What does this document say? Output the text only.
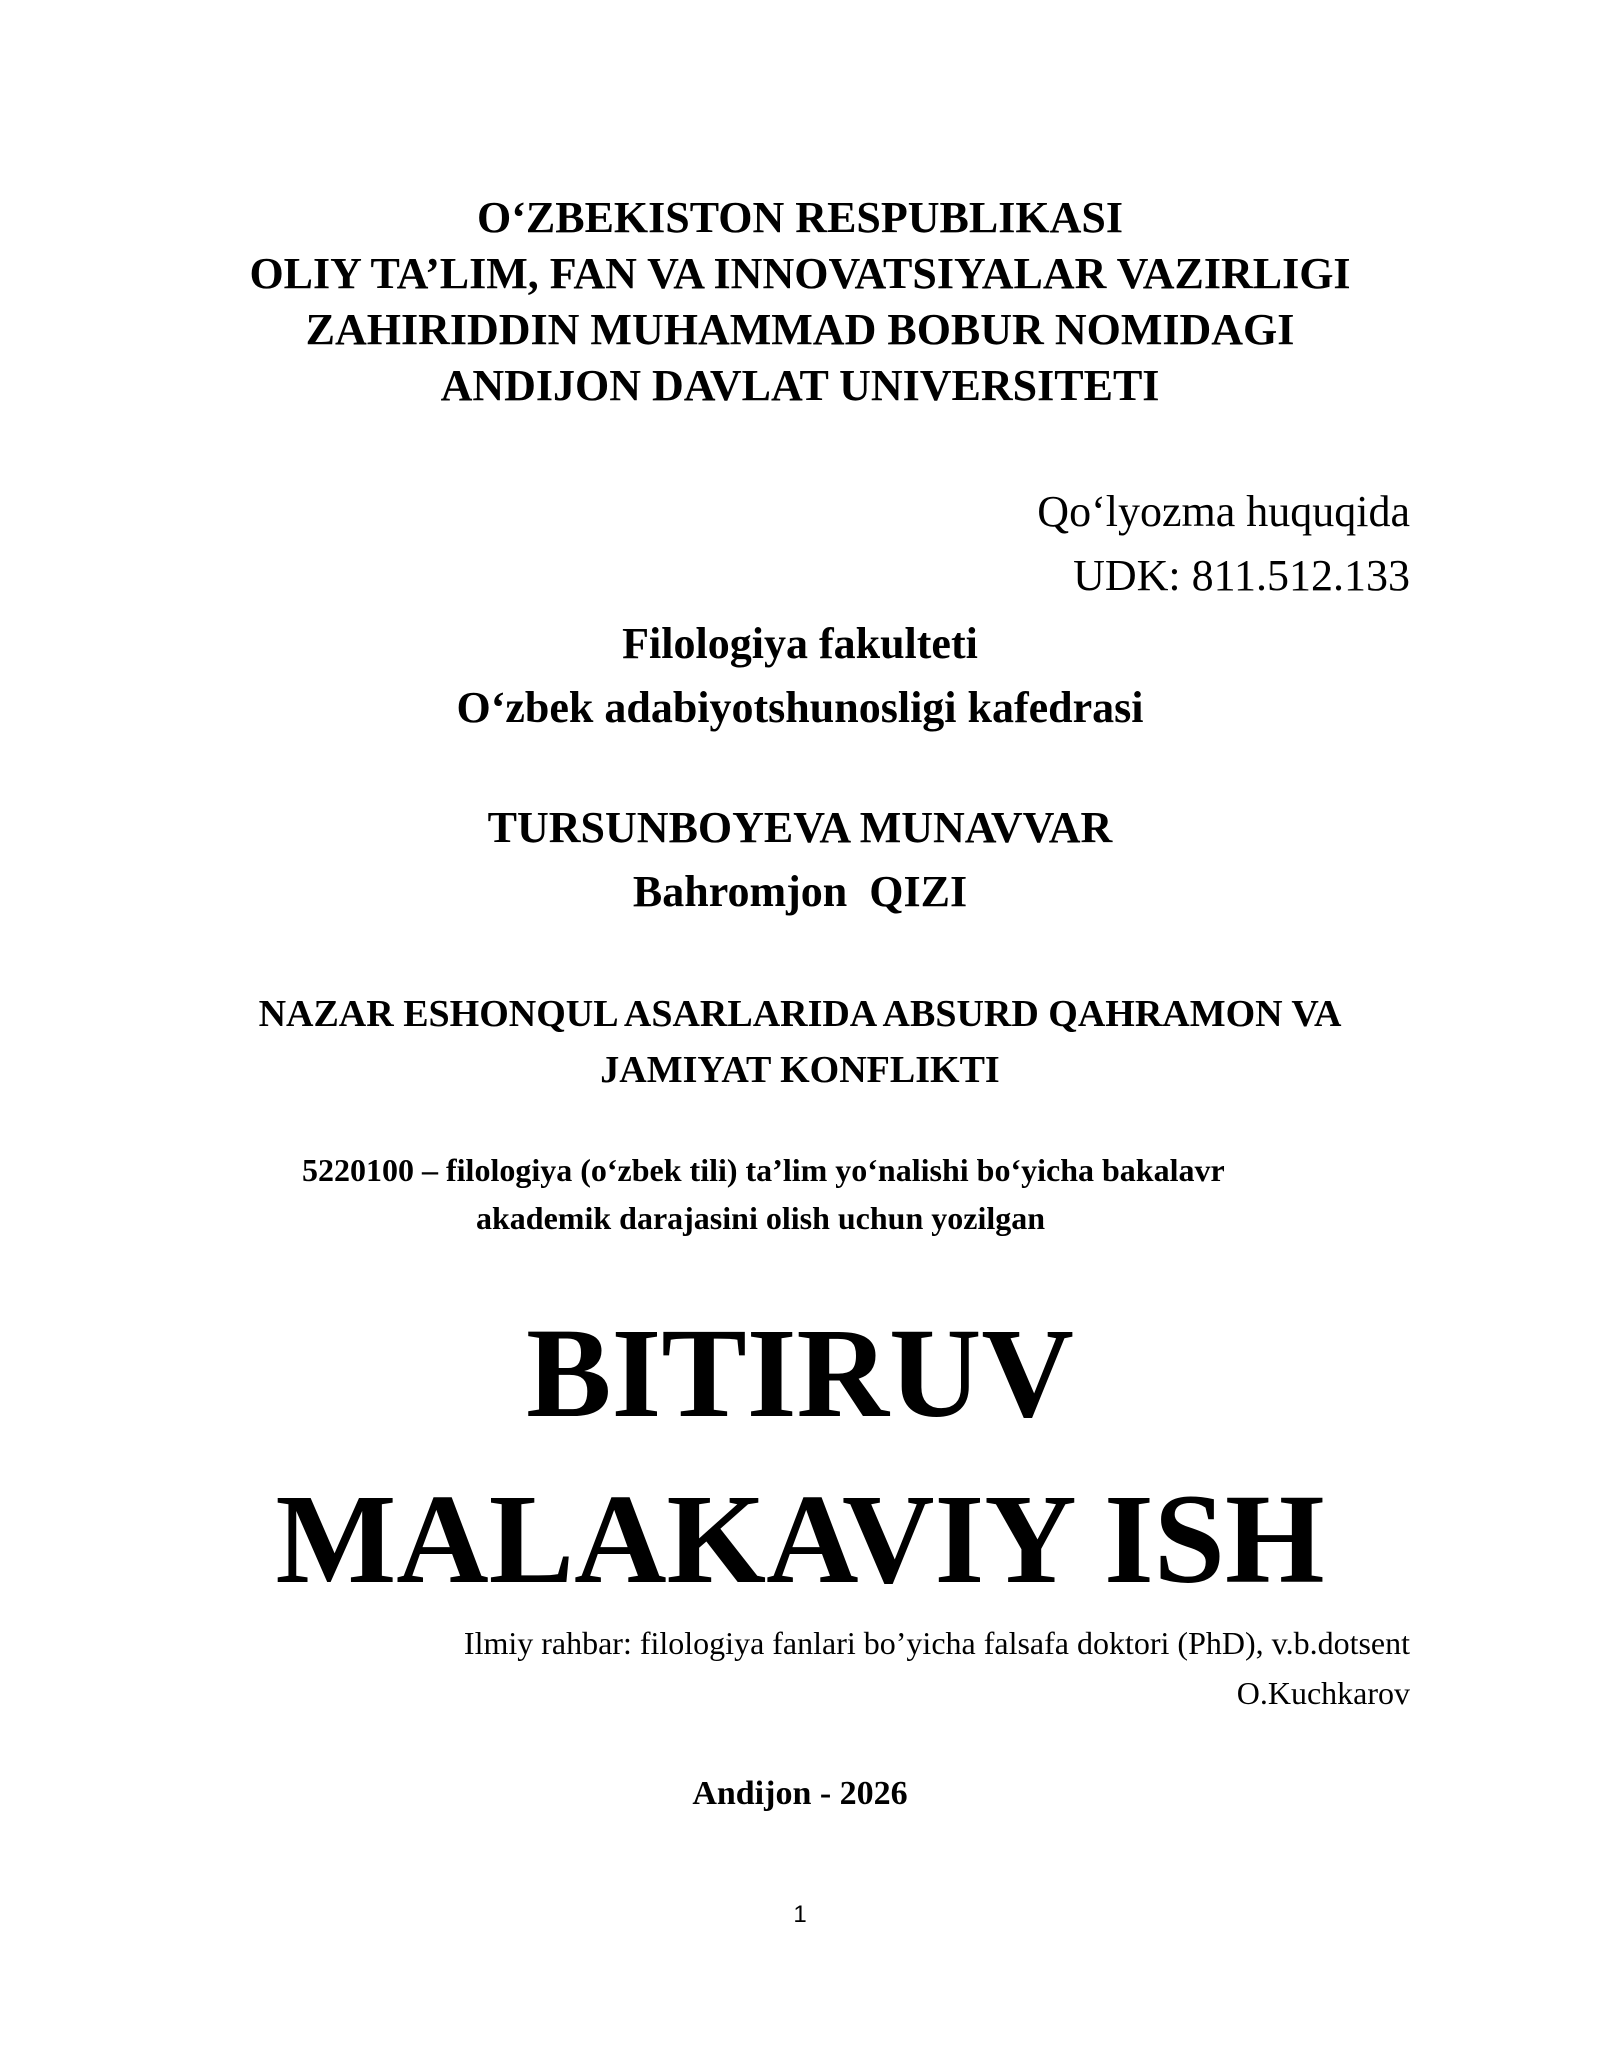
O‘ZBEKISTON RESPUBLIKASI
OLIY TA’LIM, FAN VA INNOVATSIYALAR VAZIRLIGI
ZAHIRIDDIN MUHAMMAD BOBUR NOMIDAGI
ANDIJON DAVLAT UNIVERSITETI
Qo‘lyozma huquqida
UDK: 811.512.133
Filologiya fakulteti
O‘zbek adabiyotshunosligi kafedrasi
TURSUNBOYEVA MUNAVVAR
Bahromjon  QIZI
NAZAR ESHONQUL ASARLARIDA ABSURD QAHRAMON VA
JAMIYAT KONFLIKTI
5220100 – filologiya (o‘zbek tili) ta’lim yo‘nalishi bo‘yicha bakalavr
akademik darajasini olish uchun yozilgan
BITIRUV
MALAKAVIY ISH
Ilmiy rahbar: filologiya fanlari bo’yicha falsafa doktori (PhD), v.b.dotsent
O.Kuchkarov
Andijon - 2026
1
